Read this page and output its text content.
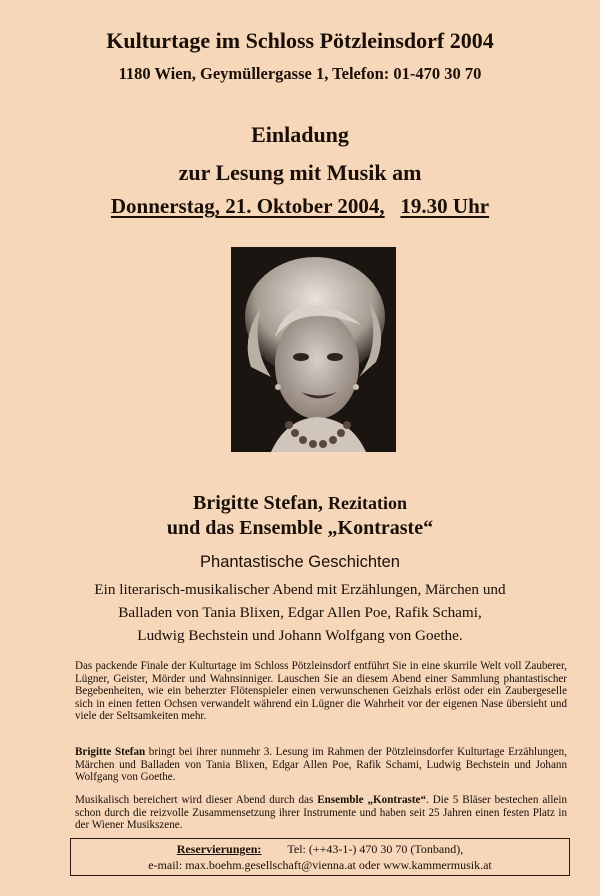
Kulturtage im Schloss Pötzleinsdorf 2004
1180 Wien, Geymüllergasse 1, Telefon: 01-470 30 70
Einladung
zur Lesung mit Musik am
Donnerstag, 21. Oktober 2004, 19.30 Uhr
Brigitte Stefan, Rezitation
und das Ensemble „Kontraste“
Phantastische Geschichten
Ein literarisch-musikalischer Abend mit Erzählungen, Märchen und
Balladen von Tania Blixen, Edgar Allen Poe, Rafik Schami,
Ludwig Bechstein und Johann Wolfgang von Goethe.
Das packende Finale der Kulturtage im Schloss Pötzleinsdorf entführt Sie in eine skurrile Welt voll Zauberer, Lügner, Geister, Mörder und Wahnsinniger. Lauschen Sie an diesem Abend einer Sammlung phantastischer Begebenheiten, wie ein beherzter Flötenspieler einen verwunschenen Geizhals erlöst oder ein Zaubergeselle sich in einen fetten Ochsen verwandelt während ein Lügner die Wahrheit vor der eigenen Nase übersieht und viele der Seltsamkeiten mehr.
Brigitte Stefan bringt bei ihrer nunmehr 3. Lesung im Rahmen der Pötzleinsdorfer Kulturtage Erzählungen, Märchen und Balladen von Tania Blixen, Edgar Allen Poe, Rafik Schami, Ludwig Bechstein und Johann Wolfgang von Goethe.
Musikalisch bereichert wird dieser Abend durch das Ensemble „Kontraste“. Die 5 Bläser bestechen allein schon durch die reizvolle Zusammensetzung ihrer Instrumente und haben seit 25 Jahren einen festen Platz in der Wiener Musikszene.
Reservierungen: Tel: (++43-1-) 470 30 70 (Tonband),
e-mail: max.boehm.gesellschaft@vienna.at oder www.kammermusik.at
